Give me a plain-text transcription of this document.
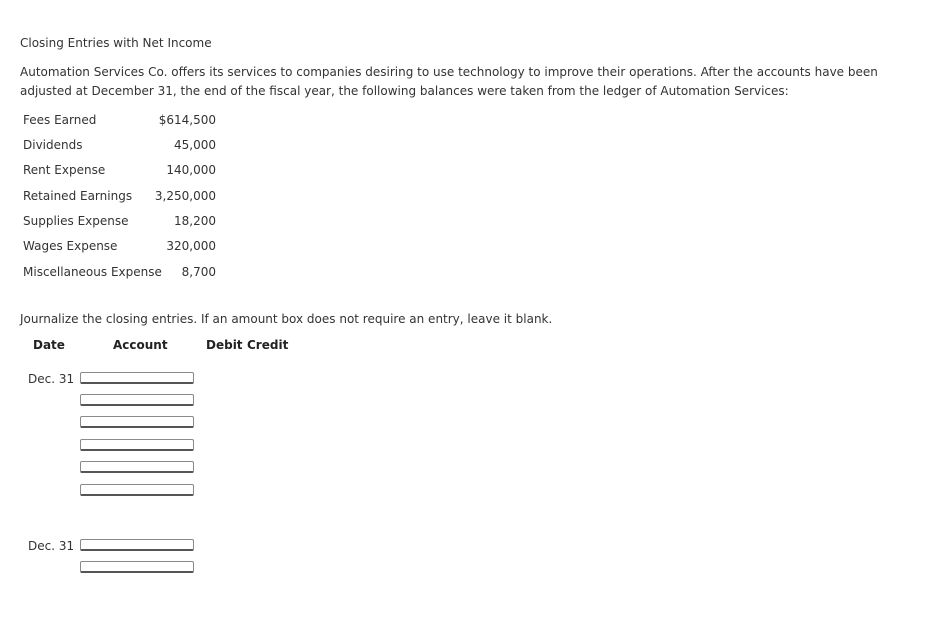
Closing Entries with Net Income
Automation Services Co. offers its services to companies desiring to use technology to improve their operations. After the accounts have been adjusted at December 31, the end of the fiscal year, the following balances were taken from the ledger of Automation Services:
Fees Earned	$614,500
Dividends	45,000
Rent Expense	140,000
Retained Earnings	3,250,000
Supplies Expense	18,200
Wages Expense	320,000
Miscellaneous Expense	8,700
Journalize the closing entries. If an amount box does not require an entry, leave it blank.
Date	Account	Debit Credit
Dec. 31
Dec. 31
